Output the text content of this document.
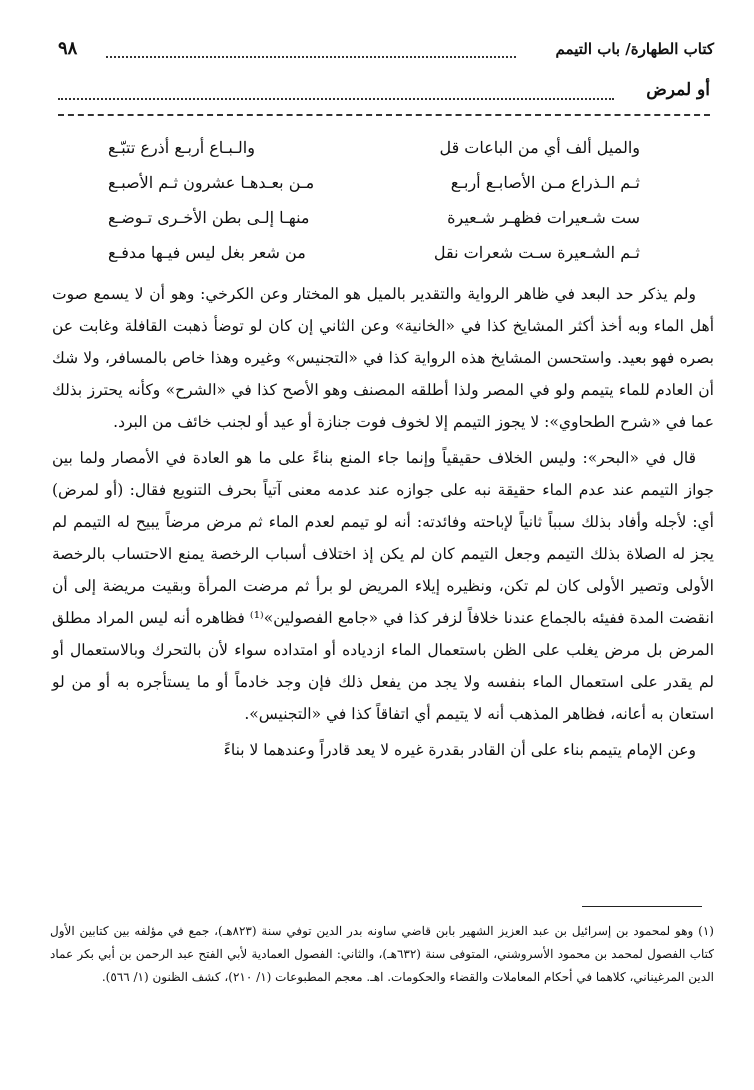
كتاب الطهارة/ باب التيمم
٩٨
أو لمرض
والميل ألف أي من الباعات قل
والـبـاع أربـع أذرع تتبّـع
ثـم الـذراع مـن الأصابـع أربـع
مـن بعـدهـا عشرون ثـم الأصبـع
ست شـعيرات فظهـر شـعيرة
منهـا إلـى بطن الأخـرى تـوضـع
ثـم الشـعيرة سـت شعرات نقل
من شعر بغل ليس فيـها مدفـع

ولم يذكر حد البعد في ظاهر الرواية والتقدير بالميل هو المختار وعن الكرخي: وهو أن لا يسمع صوت أهل الماء وبه أخذ أكثر المشايخ كذا في «الخانية» وعن الثاني إن كان لو توضأ ذهبت القافلة وغابت عن بصره فهو بعيد. واستحسن المشايخ هذه الرواية كذا في «التجنيس» وغيره وهذا خاص بالمسافر، ولا شك أن العادم للماء يتيمم ولو في المصر ولذا أطلقه المصنف وهو الأصح كذا في «الشرح» وكأنه يحترز بذلك عما في «شرح الطحاوي»: لا يجوز التيمم إلا لخوف فوت جنازة أو عيد أو لجنب خائف من البرد.

قال في «البحر»: وليس الخلاف حقيقياً وإنما جاء المنع بناءً على ما هو العادة في الأمصار ولما بين جواز التيمم عند عدم الماء حقيقة نبه على جوازه عند عدمه معنى آتياً بحرف التنويع فقال: (أو لمرض) أي: لأجله وأفاد بذلك سبباً ثانياً لإباحته وفائدته: أنه لو تيمم لعدم الماء ثم مرض مرضاً يبيح له التيمم لم يجز له الصلاة بذلك التيمم وجعل التيمم كان لم يكن إذ اختلاف أسباب الرخصة يمنع الاحتساب بالرخصة الأولى وتصير الأولى كان لم تكن، ونظيره إيلاء المريض لو برأ ثم مرضت المرأة وبقيت مريضة إلى أن انقضت المدة ففيئه بالجماع عندنا خلافاً لزفر كذا في «جامع الفصولين»⁽¹⁾ فظاهره أنه ليس المراد مطلق المرض بل مرض يغلب على الظن باستعمال الماء ازدياده أو امتداده سواء لأن بالتحرك وبالاستعمال أو لم يقدر على استعمال الماء بنفسه ولا يجد من يفعل ذلك فإن وجد خادماً أو ما يستأجره به أو من لو استعان به أعانه، فظاهر المذهب أنه لا يتيمم أي اتفاقاً كذا في «التجنيس».

وعن الإمام يتيمم بناء على أن القادر بقدرة غيره لا يعد قادراً وعندهما لا بناءً

(١) وهو لمحمود بن إسرائيل بن عبد العزيز الشهير بابن قاضي ساونه بدر الدين توفي سنة (٨٢٣هـ)، جمع في مؤلفه بين كتابين الأول كتاب الفصول لمحمد بن محمود الأسروشني، المتوفى سنة (٦٣٢هـ)، والثاني: الفصول العمادية لأبي الفتح عبد الرحمن بن أبي بكر عماد الدين المرغيناني، كلاهما في أحكام المعاملات والقضاء والحكومات. اهـ. معجم المطبوعات (١/ ٢١٠)، كشف الظنون (١/ ٥٦٦).
